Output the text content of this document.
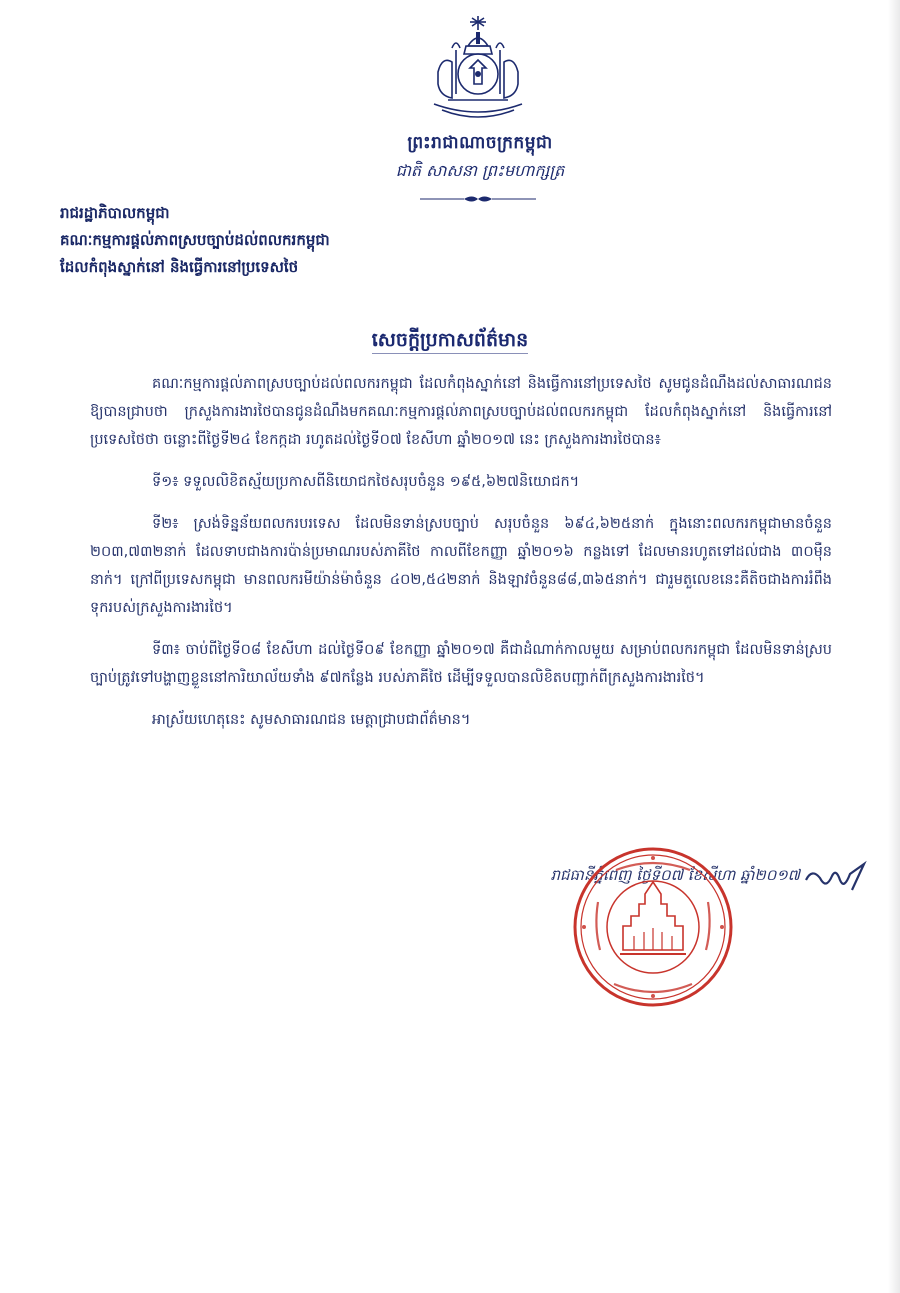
ព្រះរាជាណាចក្រកម្ពុជា
ជាតិ សាសនា ព្រះមហាក្សត្រ
រាជរដ្ឋាភិបាលកម្ពុជា
គណៈកម្មការផ្ដល់ភាពស្របច្បាប់ដល់ពលករកម្ពុជា
ដែលកំពុងស្នាក់នៅ និងធ្វើការនៅប្រទេសថៃ
សេចក្តីប្រកាសព័ត៌មាន

គណៈកម្មការផ្ដល់ភាពស្របច្បាប់ដល់ពលករកម្ពុជា ដែលកំពុងស្នាក់នៅ និងធ្វើការនៅប្រទេសថៃ សូមជូនដំណឹងដល់សាធារណជន ឱ្យបានជ្រាបថា ក្រសួងការងារថៃបានជូនដំណឹងមកគណៈកម្មការផ្ដល់ភាពស្របច្បាប់ដល់ពលករកម្ពុជា ដែលកំពុងស្នាក់នៅ និងធ្វើការនៅប្រទេសថៃថា ចន្លោះពីថ្ងៃទី២៤ ខែកក្កដា រហូតដល់ថ្ងៃទី០៧ ខែសីហា ឆ្នាំ២០១៧ នេះ ក្រសួងការងារថៃបាន៖

ទី១៖ ទទួលលិខិតស្ម័យប្រកាសពីនិយោជកថៃសរុបចំនួន ១៩៥,៦២៧និយោជក។

ទី២៖ ស្រង់ទិន្នន័យពលករបរទេស ដែលមិនទាន់ស្របច្បាប់ សរុបចំនួន ៦៩៤,៦២៥នាក់ ក្នុងនោះពលករកម្ពុជាមានចំនួន ២០៣,៧៣២នាក់ ដែលទាបជាងការប៉ាន់ប្រមាណរបស់ភាគីថៃ កាលពីខែកញ្ញា ឆ្នាំ២០១៦ កន្លងទៅ ដែលមានរហូតទៅដល់ជាង ៣០ម៉ឺននាក់។ ក្រៅពីប្រទេសកម្ពុជា មានពលករមីយ៉ាន់ម៉ាចំនួន ៤០២,៥៤២នាក់ និងឡាវចំនួន៨៨,៣៦៥នាក់។ ជារួមតួលេខនេះគឺតិចជាងការរំពឹងទុករបស់ក្រសួងការងារថៃ។

ទី៣៖ ចាប់ពីថ្ងៃទី០៨ ខែសីហា ដល់ថ្ងៃទី០៩ ខែកញ្ញា ឆ្នាំ២០១៧ គឺជាដំណាក់កាលមួយ សម្រាប់ពលករកម្ពុជា ដែលមិនទាន់ស្របច្បាប់ត្រូវទៅបង្ហាញខ្លួននៅការិយាល័យទាំង ៩៧កន្លែង របស់ភាគីថៃ ដើម្បីទទួលបានលិខិតបញ្ជាក់ពីក្រសួងការងារថៃ។

អាស្រ័យហេតុនេះ សូមសាធារណជន មេត្តាជ្រាបជាព័ត៌មាន។

រាជធានីភ្នំពេញ ថ្ងៃទី០៧ ខែសីហា ឆ្នាំ២០១៧
